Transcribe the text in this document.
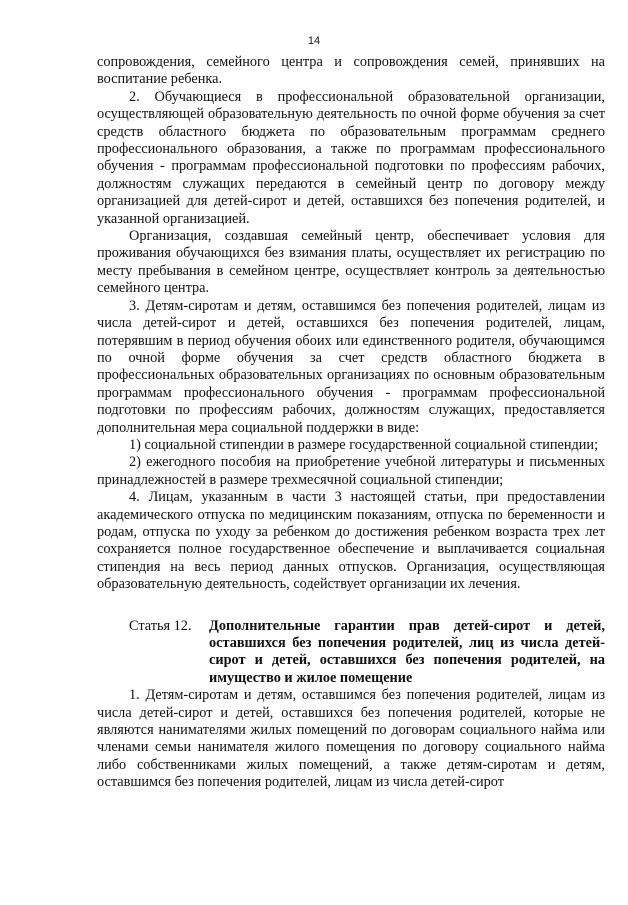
14

сопровождения, семейного центра и сопровождения семей, принявших на воспитание ребенка.

2. Обучающиеся в профессиональной образовательной организации, осуществляющей образовательную деятельность по очной форме обучения за счет средств областного бюджета по образовательным программам среднего профессионального образования, а также по программам профессионального обучения - программам профессиональной подготовки по профессиям рабочих, должностям служащих передаются в семейный центр по договору между организацией для детей-сирот и детей, оставшихся без попечения родителей, и указанной организацией.

Организация, создавшая семейный центр, обеспечивает условия для проживания обучающихся без взимания платы, осуществляет их регистрацию по месту пребывания в семейном центре, осуществляет контроль за деятельностью семейного центра.

3. Детям-сиротам и детям, оставшимся без попечения родителей, лицам из числа детей-сирот и детей, оставшихся без попечения родителей, лицам, потерявшим в период обучения обоих или единственного родителя, обучающимся по очной форме обучения за счет средств областного бюджета в профессиональных образовательных организациях по основным образовательным программам профессионального обучения - программам профессиональной подготовки по профессиям рабочих, должностям служащих, предоставляется дополнительная мера социальной поддержки в виде:

1) социальной стипендии в размере государственной социальной стипендии;

2) ежегодного пособия на приобретение учебной литературы и письменных принадлежностей в размере трехмесячной социальной стипендии;

4. Лицам, указанным в части 3 настоящей статьи, при предоставлении академического отпуска по медицинским показаниям, отпуска по беременности и родам, отпуска по уходу за ребенком до достижения ребенком возраста трех лет сохраняется полное государственное обеспечение и выплачивается социальная стипендия на весь период данных отпусков. Организация, осуществляющая образовательную деятельность, содействует организации их лечения.

Статья 12.	Дополнительные гарантии прав детей-сирот и детей, оставшихся без попечения родителей, лиц из числа детей-сирот и детей, оставшихся без попечения родителей, на имущество и жилое помещение

1. Детям-сиротам и детям, оставшимся без попечения родителей, лицам из числа детей-сирот и детей, оставшихся без попечения родителей, которые не являются нанимателями жилых помещений по договорам социального найма или членами семьи нанимателя жилого помещения по договору социального найма либо собственниками жилых помещений, а также детям-сиротам и детям, оставшимся без попечения родителей, лицам из числа детей-сирот
